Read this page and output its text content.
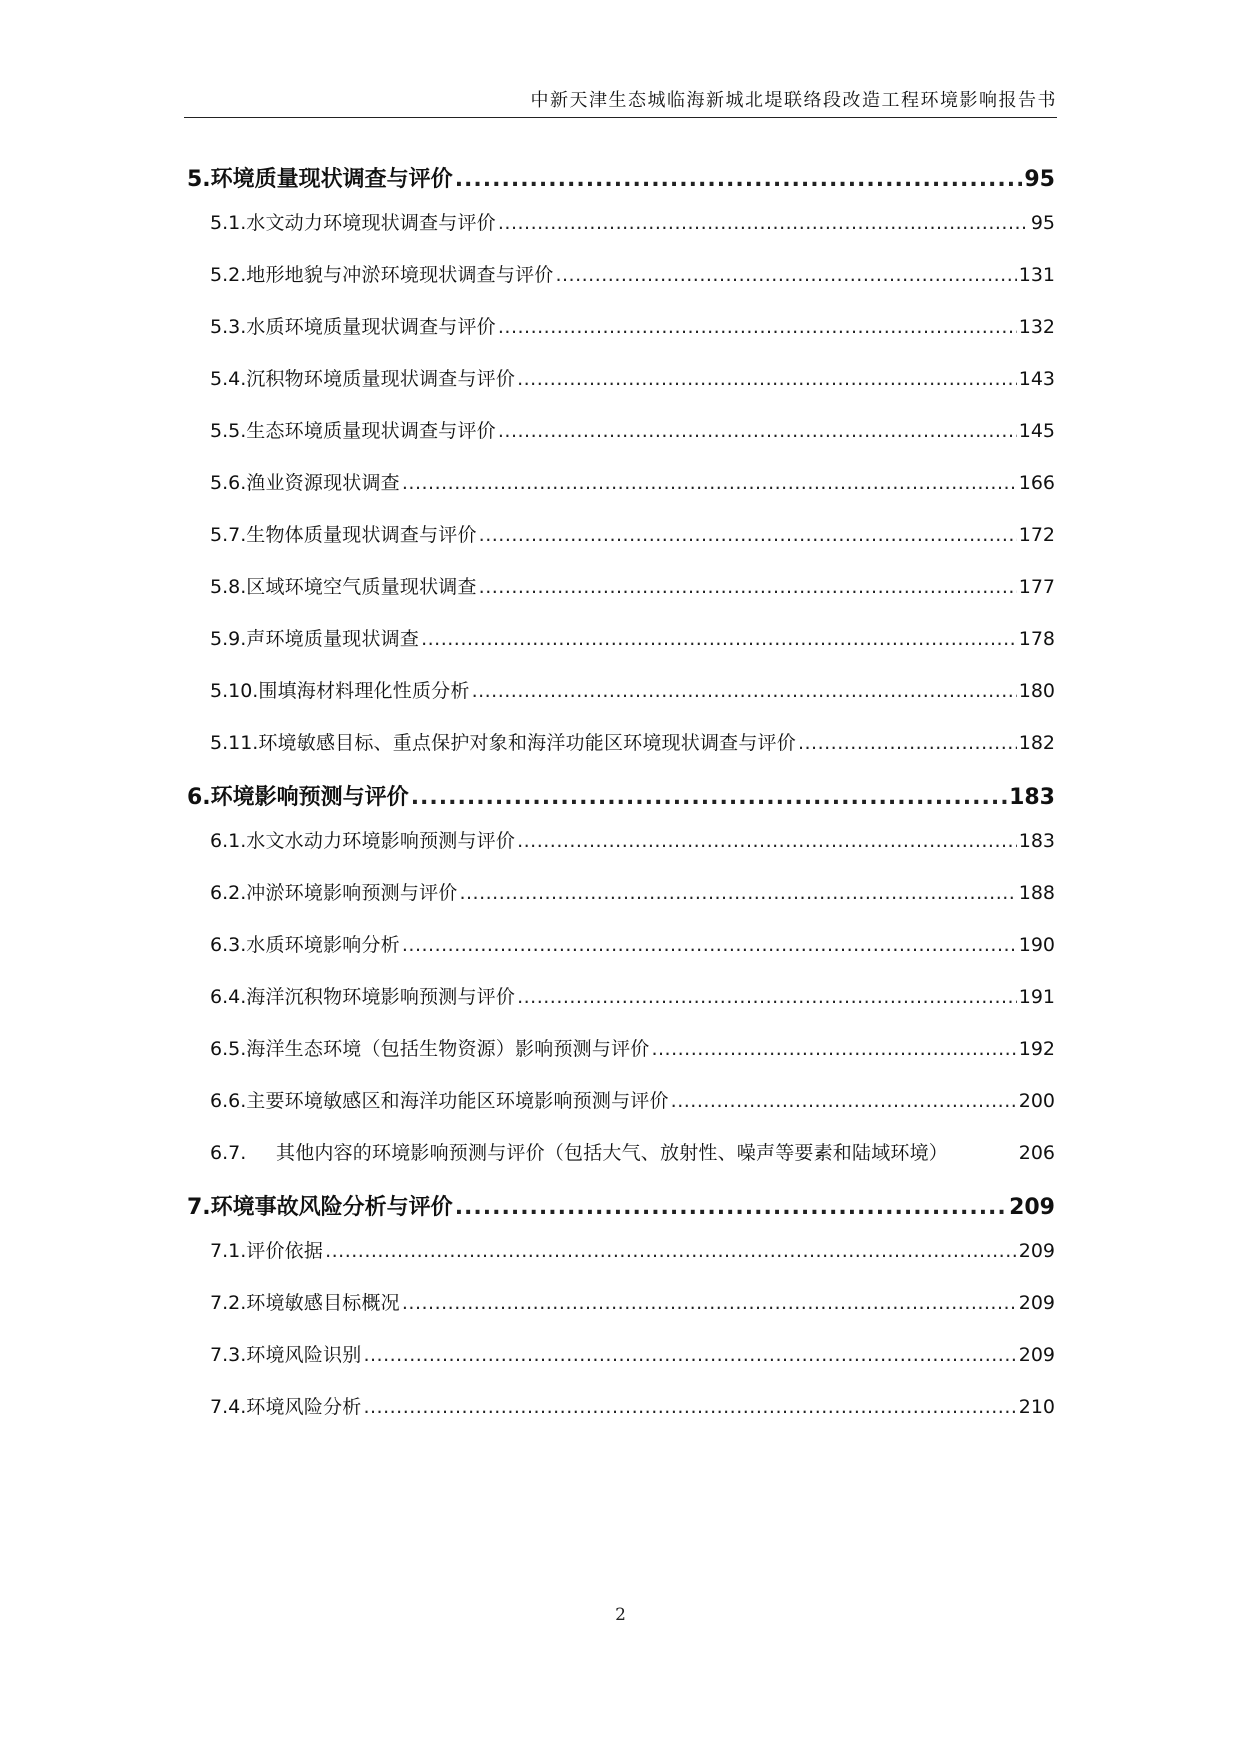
中新天津生态城临海新城北堤联络段改造工程环境影响报告书
5. 环境质量现状调查与评价 .....	95
5.1. 水文动力环境现状调查与评价 .....	95
5.2. 地形地貌与冲淤环境现状调查与评价 .....	131
5.3. 水质环境质量现状调查与评价 .....	132
5.4. 沉积物环境质量现状调查与评价 .....	143
5.5. 生态环境质量现状调查与评价 .....	145
5.6. 渔业资源现状调查 .....	166
5.7. 生物体质量现状调查与评价 .....	172
5.8. 区域环境空气质量现状调查 .....	177
5.9. 声环境质量现状调查 .....	178
5.10. 围填海材料理化性质分析 .....	180
5.11. 环境敏感目标、重点保护对象和海洋功能区环境现状调查与评价 .....	182
6. 环境影响预测与评价 .....	183
6.1. 水文水动力环境影响预测与评价 .....	183
6.2. 冲淤环境影响预测与评价 .....	188
6.3. 水质环境影响分析 .....	190
6.4. 海洋沉积物环境影响预测与评价 .....	191
6.5. 海洋生态环境（包括生物资源）影响预测与评价 .....	192
6.6. 主要环境敏感区和海洋功能区环境影响预测与评价 .....	200
6.7.	其他内容的环境影响预测与评价（包括大气、放射性、噪声等要素和陆域环境）	206
7. 环境事故风险分析与评价 .....	209
7.1. 评价依据 .....	209
7.2. 环境敏感目标概况 .....	209
7.3. 环境风险识别 .....	209
7.4. 环境风险分析 .....	210
2
